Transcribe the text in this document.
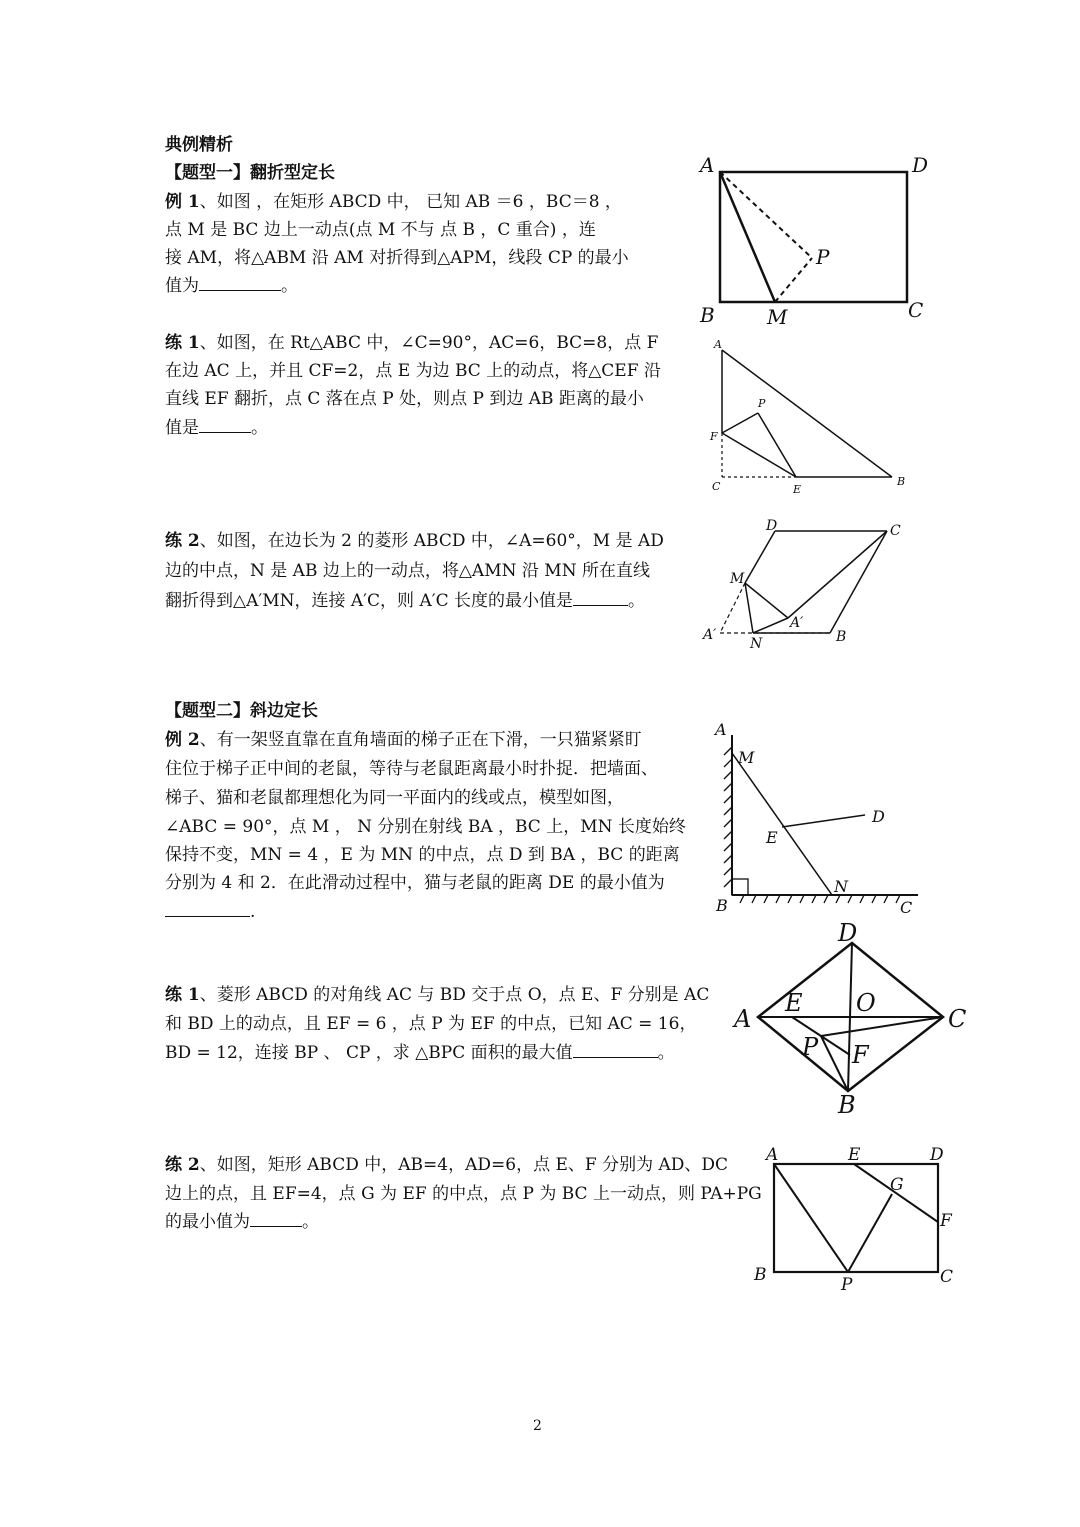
典例精析
【题型一】翻折型定长
例 1、如图 ，在矩形 ABCD 中， 已知 AB ＝6 ，BC＝8 ，
点 M 是 BC 边上一动点(点 M 不与 点 B ，C 重合) ，连
接 AM，将△ABM 沿 AM 对折得到△APM，线段 CP 的最小
值为	。
A	D
B	C
M
P
练 1、如图，在 Rt△ABC 中，∠C=90°，AC=6，BC=8，点 F
在边 AC 上，并且 CF=2，点 E 为边 BC 上的动点，将△CEF 沿
直线 EF 翻折，点 C 落在点 P 处，则点 P 到边 AB 距离的最小
值是	。
A
F
C	E
B
P
练 2、如图，在边长为 2 的菱形 ABCD 中，∠A=60°，M 是 AD
边的中点，N 是 AB 边上的一动点，将△AMN 沿 MN 所在直线
翻折得到△A′MN，连接 A′C，则 A′C 长度的最小值是	。
D	C
M
A′
N
A′
B
【题型二】斜边定长
例 2、有一架竖直靠在直角墙面的梯子正在下滑，一只猫紧紧盯
住位于梯子正中间的老鼠，等待与老鼠距离最小时扑捉．把墙面、
梯子、猫和老鼠都理想化为同一平面内的线或点，模型如图，
∠ABC = 90°，点 M ， N 分别在射线 BA ，BC 上，MN 长度始终
保持不变，MN = 4 ，E 为 MN 的中点，点 D 到 BA ，BC 的距离
分别为 4 和 2．在此滑动过程中，猫与老鼠的距离 DE 的最小值为
.
A
M
E
D
N
B	C
练 1、菱形 ABCD 的对角线 AC 与 BD 交于点 O，点 E、F 分别是 AC
和 BD 上的动点，且 EF = 6 ，点 P 为 EF 的中点，已知 AC = 16，
BD = 12，连接 BP 、 CP ，求 △BPC 面积的最大值	。
D
A	C
B
E O
P F
练 2、如图，矩形 ABCD 中，AB=4，AD=6，点 E、F 分别为 AD、DC
边上的点，且 EF=4，点 G 为 EF 的中点，点 P 为 BC 上一动点，则 PA+PG
的最小值为	。
A	E	D
G
F
B	P	C
2
